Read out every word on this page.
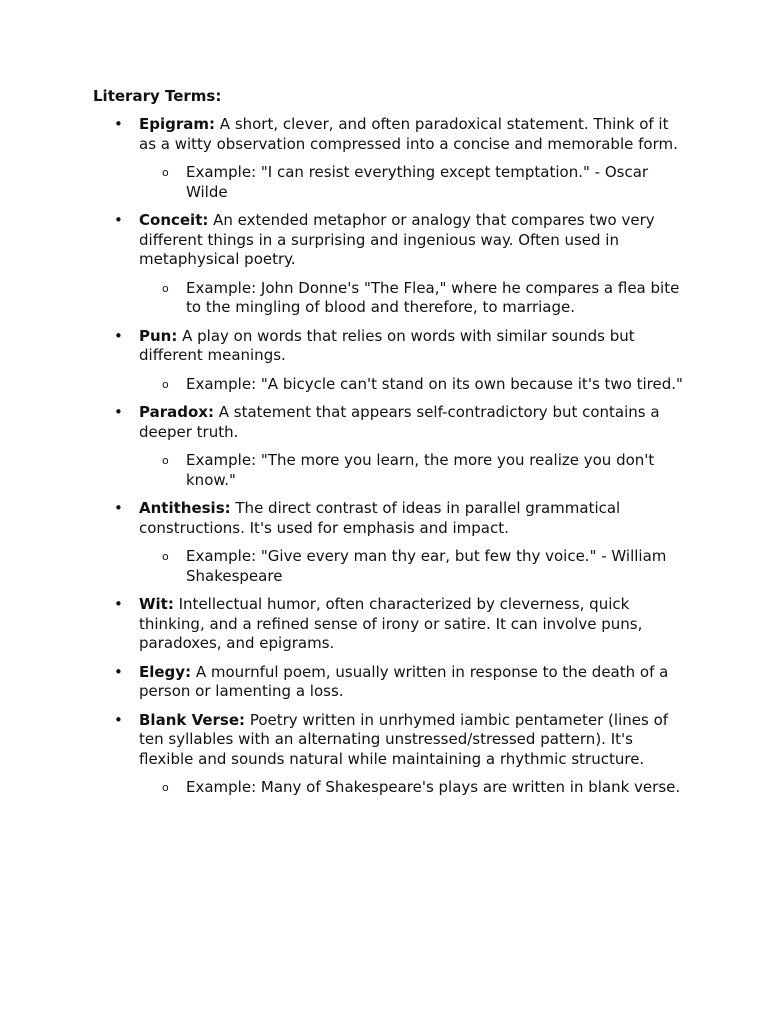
Literary Terms:
• Epigram: A short, clever, and often paradoxical statement. Think of it as a witty observation compressed into a concise and memorable form.
o Example: "I can resist everything except temptation." - Oscar Wilde
• Conceit: An extended metaphor or analogy that compares two very different things in a surprising and ingenious way. Often used in metaphysical poetry.
o Example: John Donne's "The Flea," where he compares a flea bite to the mingling of blood and therefore, to marriage.
• Pun: A play on words that relies on words with similar sounds but different meanings.
o Example: "A bicycle can't stand on its own because it's two tired."
• Paradox: A statement that appears self-contradictory but contains a deeper truth.
o Example: "The more you learn, the more you realize you don't know."
• Antithesis: The direct contrast of ideas in parallel grammatical constructions. It's used for emphasis and impact.
o Example: "Give every man thy ear, but few thy voice." - William Shakespeare
• Wit: Intellectual humor, often characterized by cleverness, quick thinking, and a refined sense of irony or satire. It can involve puns, paradoxes, and epigrams.
• Elegy: A mournful poem, usually written in response to the death of a person or lamenting a loss.
• Blank Verse: Poetry written in unrhymed iambic pentameter (lines of ten syllables with an alternating unstressed/stressed pattern). It's flexible and sounds natural while maintaining a rhythmic structure.
o Example: Many of Shakespeare's plays are written in blank verse.
